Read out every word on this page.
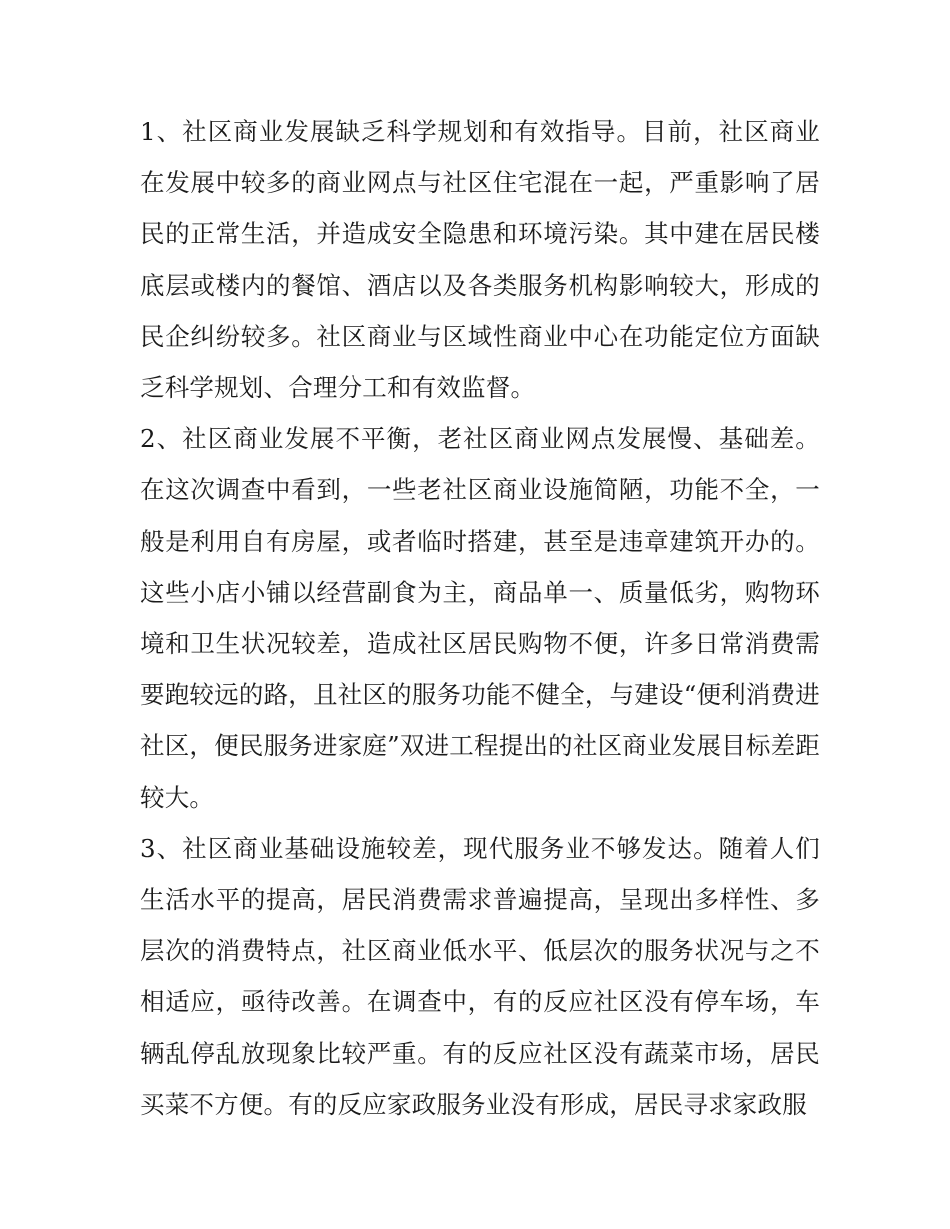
1、社区商业发展缺乏科学规划和有效指导。目前，社区商业在发展中较多的商业网点与社区住宅混在一起，严重影响了居民的正常生活，并造成安全隐患和环境污染。其中建在居民楼底层或楼内的餐馆、酒店以及各类服务机构影响较大，形成的民企纠纷较多。社区商业与区域性商业中心在功能定位方面缺乏科学规划、合理分工和有效监督。

2、社区商业发展不平衡，老社区商业网点发展慢、基础差。在这次调查中看到，一些老社区商业设施简陋，功能不全，一般是利用自有房屋，或者临时搭建，甚至是违章建筑开办的。这些小店小铺以经营副食为主，商品单一、质量低劣，购物环境和卫生状况较差，造成社区居民购物不便，许多日常消费需要跑较远的路，且社区的服务功能不健全，与建设“便利消费进社区，便民服务进家庭”双进工程提出的社区商业发展目标差距较大。

3、社区商业基础设施较差，现代服务业不够发达。随着人们生活水平的提高，居民消费需求普遍提高，呈现出多样性、多层次的消费特点，社区商业低水平、低层次的服务状况与之不相适应，亟待改善。在调查中，有的反应社区没有停车场，车辆乱停乱放现象比较严重。有的反应社区没有蔬菜市场，居民买菜不方便。有的反应家政服务业没有形成，居民寻求家政服
